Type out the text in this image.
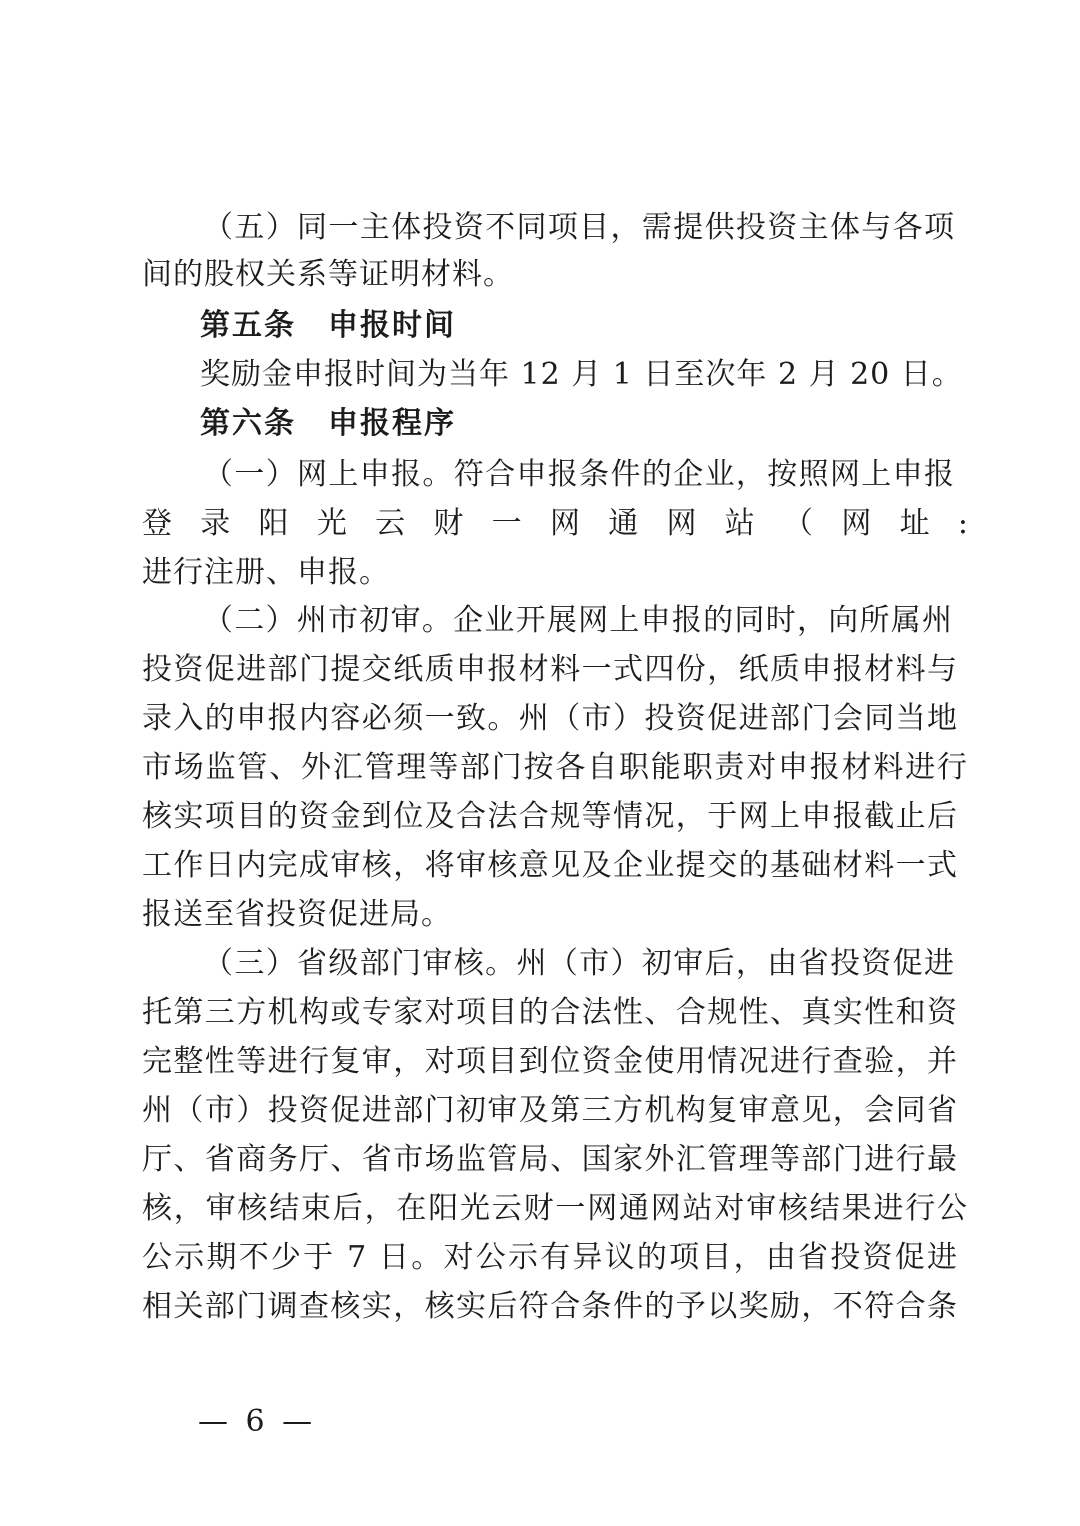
（五）同一主体投资不同项目，需提供投资主体与各项
间的股权关系等证明材料。
第五条　申报时间
奖励金申报时间为当年 12 月 1 日至次年 2 月 20 日。
第六条　申报程序
（一）网上申报。符合申报条件的企业，按照网上申报
登录阳光云财一网通网站（网址:
进行注册、申报。
（二）州市初审。企业开展网上申报的同时，向所属州
投资促进部门提交纸质申报材料一式四份，纸质申报材料与
录入的申报内容必须一致。州（市）投资促进部门会同当地
市场监管、外汇管理等部门按各自职能职责对申报材料进行
核实项目的资金到位及合法合规等情况，于网上申报截止后
工作日内完成审核，将审核意见及企业提交的基础材料一式
报送至省投资促进局。
（三）省级部门审核。州（市）初审后，由省投资促进
托第三方机构或专家对项目的合法性、合规性、真实性和资
完整性等进行复审，对项目到位资金使用情况进行查验，并
州（市）投资促进部门初审及第三方机构复审意见，会同省
厅、省商务厅、省市场监管局、国家外汇管理等部门进行最
核，审核结束后，在阳光云财一网通网站对审核结果进行公
公示期不少于 7 日。对公示有异议的项目，由省投资促进
相关部门调查核实，核实后符合条件的予以奖励，不符合条
— 6 —
